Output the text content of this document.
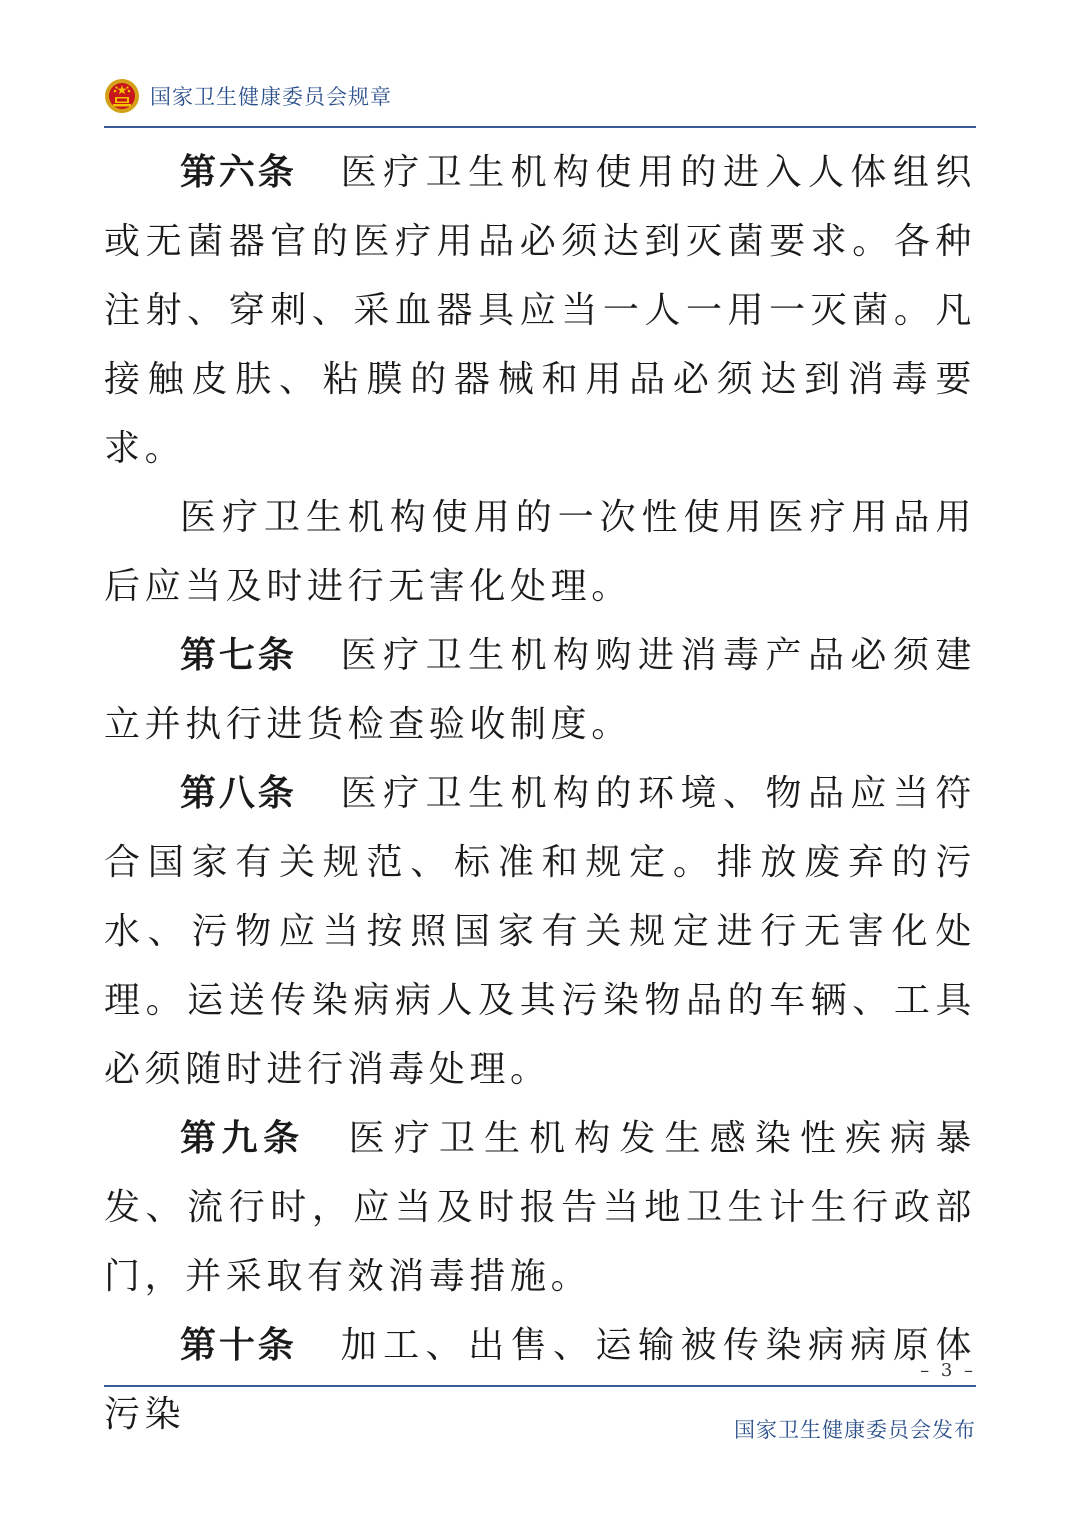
国家卫生健康委员会规章

第六条 医疗卫生机构使用的进入人体组织或无菌器官的医疗用品必须达到灭菌要求。各种注射、穿刺、采血器具应当一人一用一灭菌。凡接触皮肤、粘膜的器械和用品必须达到消毒要求。

医疗卫生机构使用的一次性使用医疗用品用后应当及时进行无害化处理。

第七条 医疗卫生机构购进消毒产品必须建立并执行进货检查验收制度。

第八条 医疗卫生机构的环境、物品应当符合国家有关规范、标准和规定。排放废弃的污水、污物应当按照国家有关规定进行无害化处理。运送传染病病人及其污染物品的车辆、工具必须随时进行消毒处理。

第九条 医疗卫生机构发生感染性疾病暴发、流行时，应当及时报告当地卫生计生行政部门，并采取有效消毒措施。

第十条 加工、出售、运输被传染病病原体污染

– 3 –
国家卫生健康委员会发布
